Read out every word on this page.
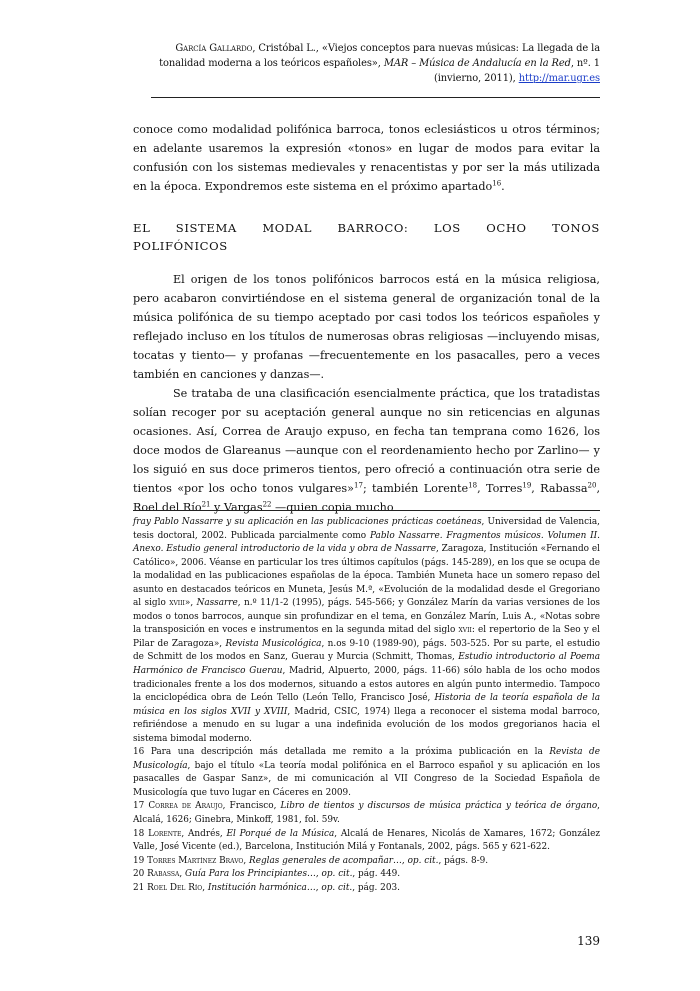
García Gallardo, Cristóbal L., «Viejos conceptos para nuevas músicas: La llegada de la tonalidad moderna a los teóricos españoles», MAR – Música de Andalucía en la Red, nº. 1 (invierno, 2011), http://mar.ugr.es
conoce como modalidad polifónica barroca, tonos eclesiásticos u otros términos; en adelante usaremos la expresión «tonos» en lugar de modos para evitar la confusión con los sistemas medievales y renacentistas y por ser la más utilizada en la época. Expondremos este sistema en el próximo apartado$^{16}$.
EL SISTEMA MODAL BARROCO: LOS OCHO TONOS
POLIFÓNICOS

El origen de los tonos polifónicos barrocos está en la música religiosa, pero acabaron convirtiéndose en el sistema general de organización tonal de la música polifónica de su tiempo aceptado por casi todos los teóricos españoles y reflejado incluso en los títulos de numerosas obras religiosas —incluyendo misas, tocatas y tiento— y profanas —frecuentemente en los pasacalles, pero a veces también en canciones y danzas—.

Se trataba de una clasificación esencialmente práctica, que los tratadistas solían recoger por su aceptación general aunque no sin reticencias en algunas ocasiones. Así, Correa de Araujo expuso, en fecha tan temprana como 1626, los doce modos de Glareanus —aunque con el reordenamiento hecho por Zarlino— y los siguió en sus doce primeros tientos, pero ofreció a continuación otra serie de tientos «por los ocho tonos vulgares»$^{17}$; también Lorente$^{18}$, Torres$^{19}$, Rabassa$^{20}$, Roel del Río$^{21}$ y Vargas$^{22}$ —quien copia mucho

fray Pablo Nassarre y su aplicación en las publicaciones prácticas coetáneas, Universidad de Valencia, tesis doctoral, 2002. Publicada parcialmente como Pablo Nassarre. Fragmentos músicos. Volumen II. Anexo. Estudio general introductorio de la vida y obra de Nassarre, Zaragoza, Institución «Fernando el Católico», 2006. Véanse en particular los tres últimos capítulos (págs. 145-289), en los que se ocupa de la modalidad en las publicaciones españolas de la época. También Muneta hace un somero repaso del asunto en destacados teóricos en Muneta, Jesús M.ª, «Evolución de la modalidad desde el Gregoriano al siglo xviii», Nassarre, n.º 11/1-2 (1995), págs. 545-566; y González Marín da varias versiones de los modos o tonos barrocos, aunque sin profundizar en el tema, en González Marín, Luis A., «Notas sobre la transposición en voces e instrumentos en la segunda mitad del siglo xvii: el repertorio de la Seo y el Pilar de Zaragoza», Revista Musicológica, n.os 9-10 (1989-90), págs. 503-525. Por su parte, el estudio de Schmitt de los modos en Sanz, Guerau y Murcia (Schmitt, Thomas, Estudio introductorio al Poema Harmónico de Francisco Guerau, Madrid, Alpuerto, 2000, págs. 11-66) sólo habla de los ocho modos tradicionales frente a los dos modernos, situando a estos autores en algún punto intermedio. Tampoco la enciclopédica obra de León Tello (León Tello, Francisco José, Historia de la teoría española de la música en los siglos XVII y XVIII, Madrid, CSIC, 1974) llega a reconocer el sistema modal barroco, refiriéndose a menudo en su lugar a una indefinida evolución de los modos gregorianos hacia el sistema bimodal moderno.

16 Para una descripción más detallada me remito a la próxima publicación en la Revista de Musicología, bajo el título «La teoría modal polifónica en el Barroco español y su aplicación en los pasacalles de Gaspar Sanz», de mi comunicación al VII Congreso de la Sociedad Española de Musicología que tuvo lugar en Cáceres en 2009.

17 Correa de Araujo, Francisco, Libro de tientos y discursos de música práctica y teórica de órgano, Alcalá, 1626; Ginebra, Minkoff, 1981, fol. 59v.

18 Lorente, Andrés, El Porqué de la Música, Alcalá de Henares, Nicolás de Xamares, 1672; González Valle, José Vicente (ed.), Barcelona, Institución Milá y Fontanals, 2002, págs. 565 y 621-622.

19 Torres Martínez Bravo, Reglas generales de acompañar…, op. cit., págs. 8-9.

20 Rabassa, Guía Para los Principiantes…, op. cit., pág. 449.

21 Roel Del Río, Institución harmónica…, op. cit., pág. 203.

139
